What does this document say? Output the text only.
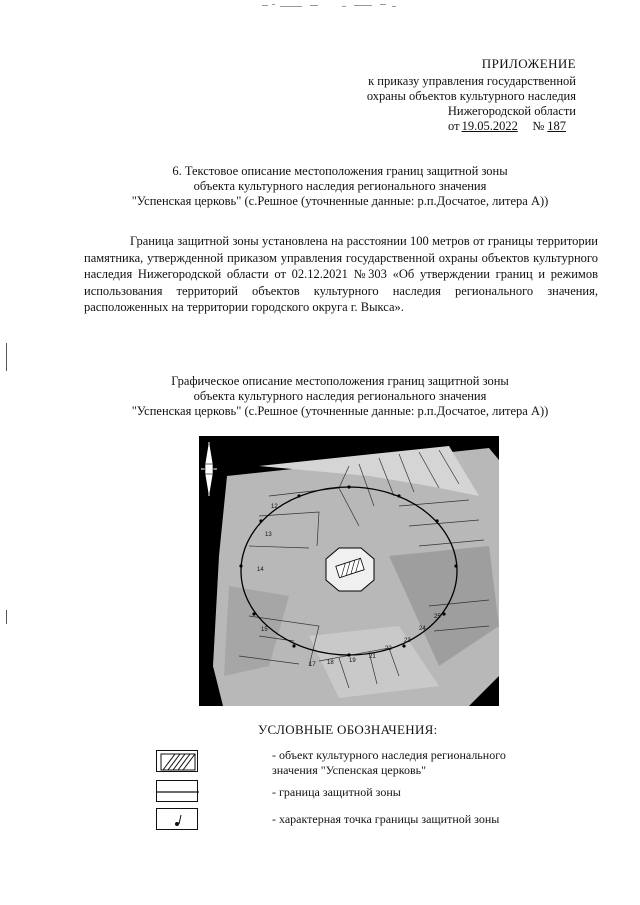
ПРИЛОЖЕНИЕ
к приказу управления государственной
охраны объектов культурного наследия
Нижегородской области
от 19.05.2022 № 187
6. Текстовое описание местоположения границ защитной зоны
объекта культурного наследия регионального значения
"Успенская церковь" (с.Решное (уточненные данные: р.п.Досчатое, литера А))
Граница защитной зоны установлена на расстоянии 100 метров от границы территории памятника, утвержденной приказом управления государственной охраны объектов культурного наследия Нижегородской области от 02.12.2021 №303 «Об утверждении границ и режимов использования территорий объектов культурного наследия регионального значения, расположенных на территории городского округа г. Выкса».
Графическое описание местоположения границ защитной зоны
объекта культурного наследия регионального значения
"Успенская церковь" (с.Решное (уточненные данные: р.п.Досчатое, литера А))
12
13
14
15
17 18	19
21
22
23
24
25
УСЛОВНЫЕ ОБОЗНАЧЕНИЯ:
- объект культурного наследия регионального
значения "Успенская церковь"
- граница защитной зоны
- характерная точка границы защитной зоны
